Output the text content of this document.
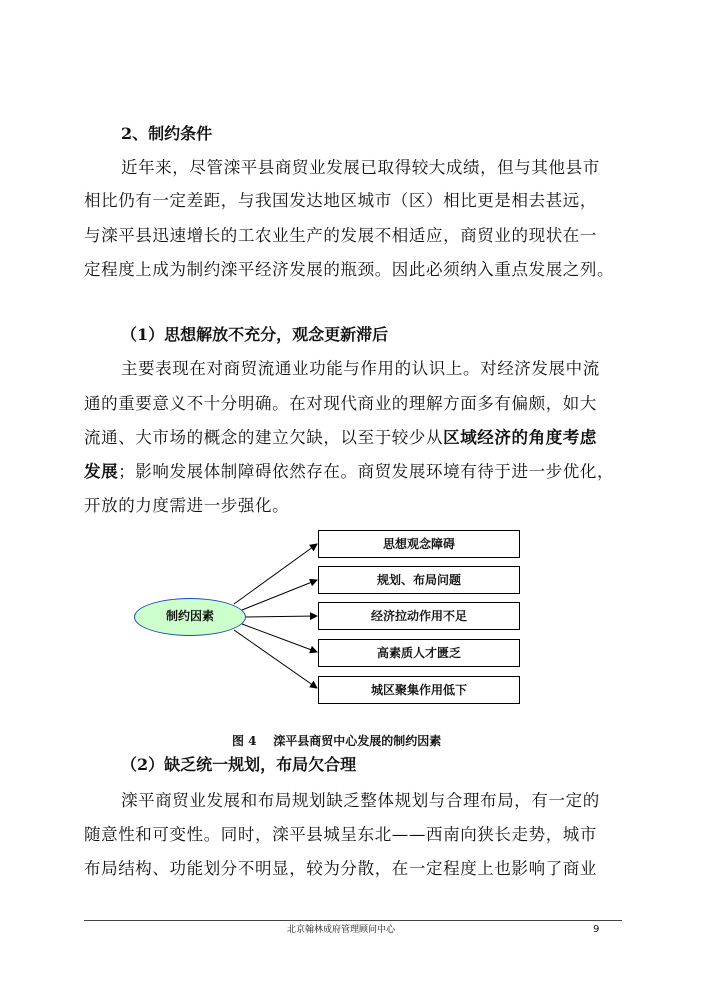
2、制约条件
近年来，尽管滦平县商贸业发展已取得较大成绩，但与其他县市
相比仍有一定差距，与我国发达地区城市（区）相比更是相去甚远，
与滦平县迅速增长的工农业生产的发展不相适应，商贸业的现状在一
定程度上成为制约滦平经济发展的瓶颈。因此必须纳入重点发展之列。
（1）思想解放不充分，观念更新滞后
主要表现在对商贸流通业功能与作用的认识上。对经济发展中流
通的重要意义不十分明确。在对现代商业的理解方面多有偏颇，如大
流通、大市场的概念的建立欠缺，以至于较少从区域经济的角度考虑
发展；影响发展体制障碍依然存在。商贸发展环境有待于进一步优化，
开放的力度需进一步强化。
制约因素
思想观念障碍
规划、布局问题
经济拉动作用不足
高素质人才匮乏
城区聚集作用低下
图 4    滦平县商贸中心发展的制约因素
（2）缺乏统一规划，布局欠合理
滦平商贸业发展和布局规划缺乏整体规划与合理布局，有一定的
随意性和可变性。同时，滦平县城呈东北——西南向狭长走势，城市
布局结构、功能划分不明显，较为分散，在一定程度上也影响了商业
北京翰林成府管理顾问中心	9
